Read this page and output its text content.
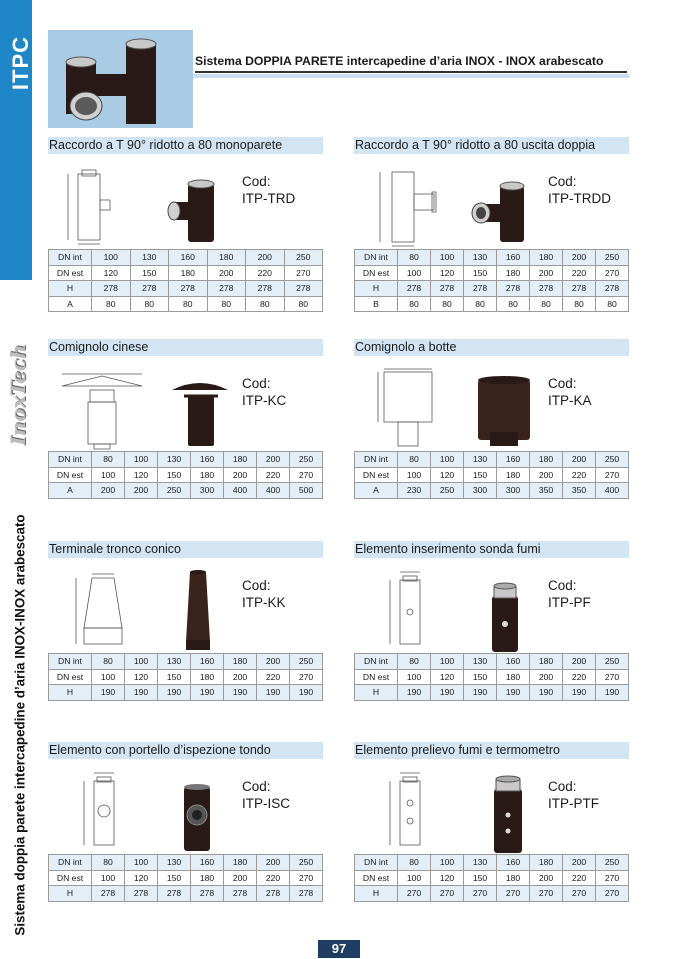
ITPC
InoxTech
Sistema doppia parete intercapedine d’aria INOX-INOX arabescato
Sistema DOPPIA PARETE intercapedine d’aria INOX - INOX arabescato
Raccordo a T 90° ridotto a 80 monoparete
Cod:
ITP-TRD
DN int	100	130	160	180	200	250
DN est	120	150	180	200	220	270
H	278	278	278	278	278	278
A	80	80	80	80	80	80
Raccordo a T 90° ridotto a 80 uscita doppia
Cod:
ITP-TRDD
DN int	80	100	130	160	180	200	250
DN est	100	120	150	180	200	220	270
H	278	278	278	278	278	278	278
B	80	80	80	80	80	80	80
Comignolo cinese
Cod:
ITP-KC
DN int	80	100	130	160	180	200	250
DN est	100	120	150	180	200	220	270
A	200	200	250	300	400	400	500
Comignolo a botte
Cod:
ITP-KA
DN int	80	100	130	160	180	200	250
DN est	100	120	150	180	200	220	270
A	230	250	300	300	350	350	400
Terminale tronco conico
Cod:
ITP-KK
DN int	80	100	130	160	180	200	250
DN est	100	120	150	180	200	220	270
H	190	190	190	190	190	190	190
Elemento inserimento sonda fumi
Cod:
ITP-PF
DN int	80	100	130	160	180	200	250
DN est	100	120	150	180	200	220	270
H	190	190	190	190	190	190	190
Elemento con portello d’ispezione tondo
Cod:
ITP-ISC
DN int	80	100	130	160	180	200	250
DN est	100	120	150	180	200	220	270
H	278	278	278	278	278	278	278
Elemento prelievo fumi e termometro
Cod:
ITP-PTF
DN int	80	100	130	160	180	200	250
DN est	100	120	150	180	200	220	270
H	270	270	270	270	270	270	270
97
